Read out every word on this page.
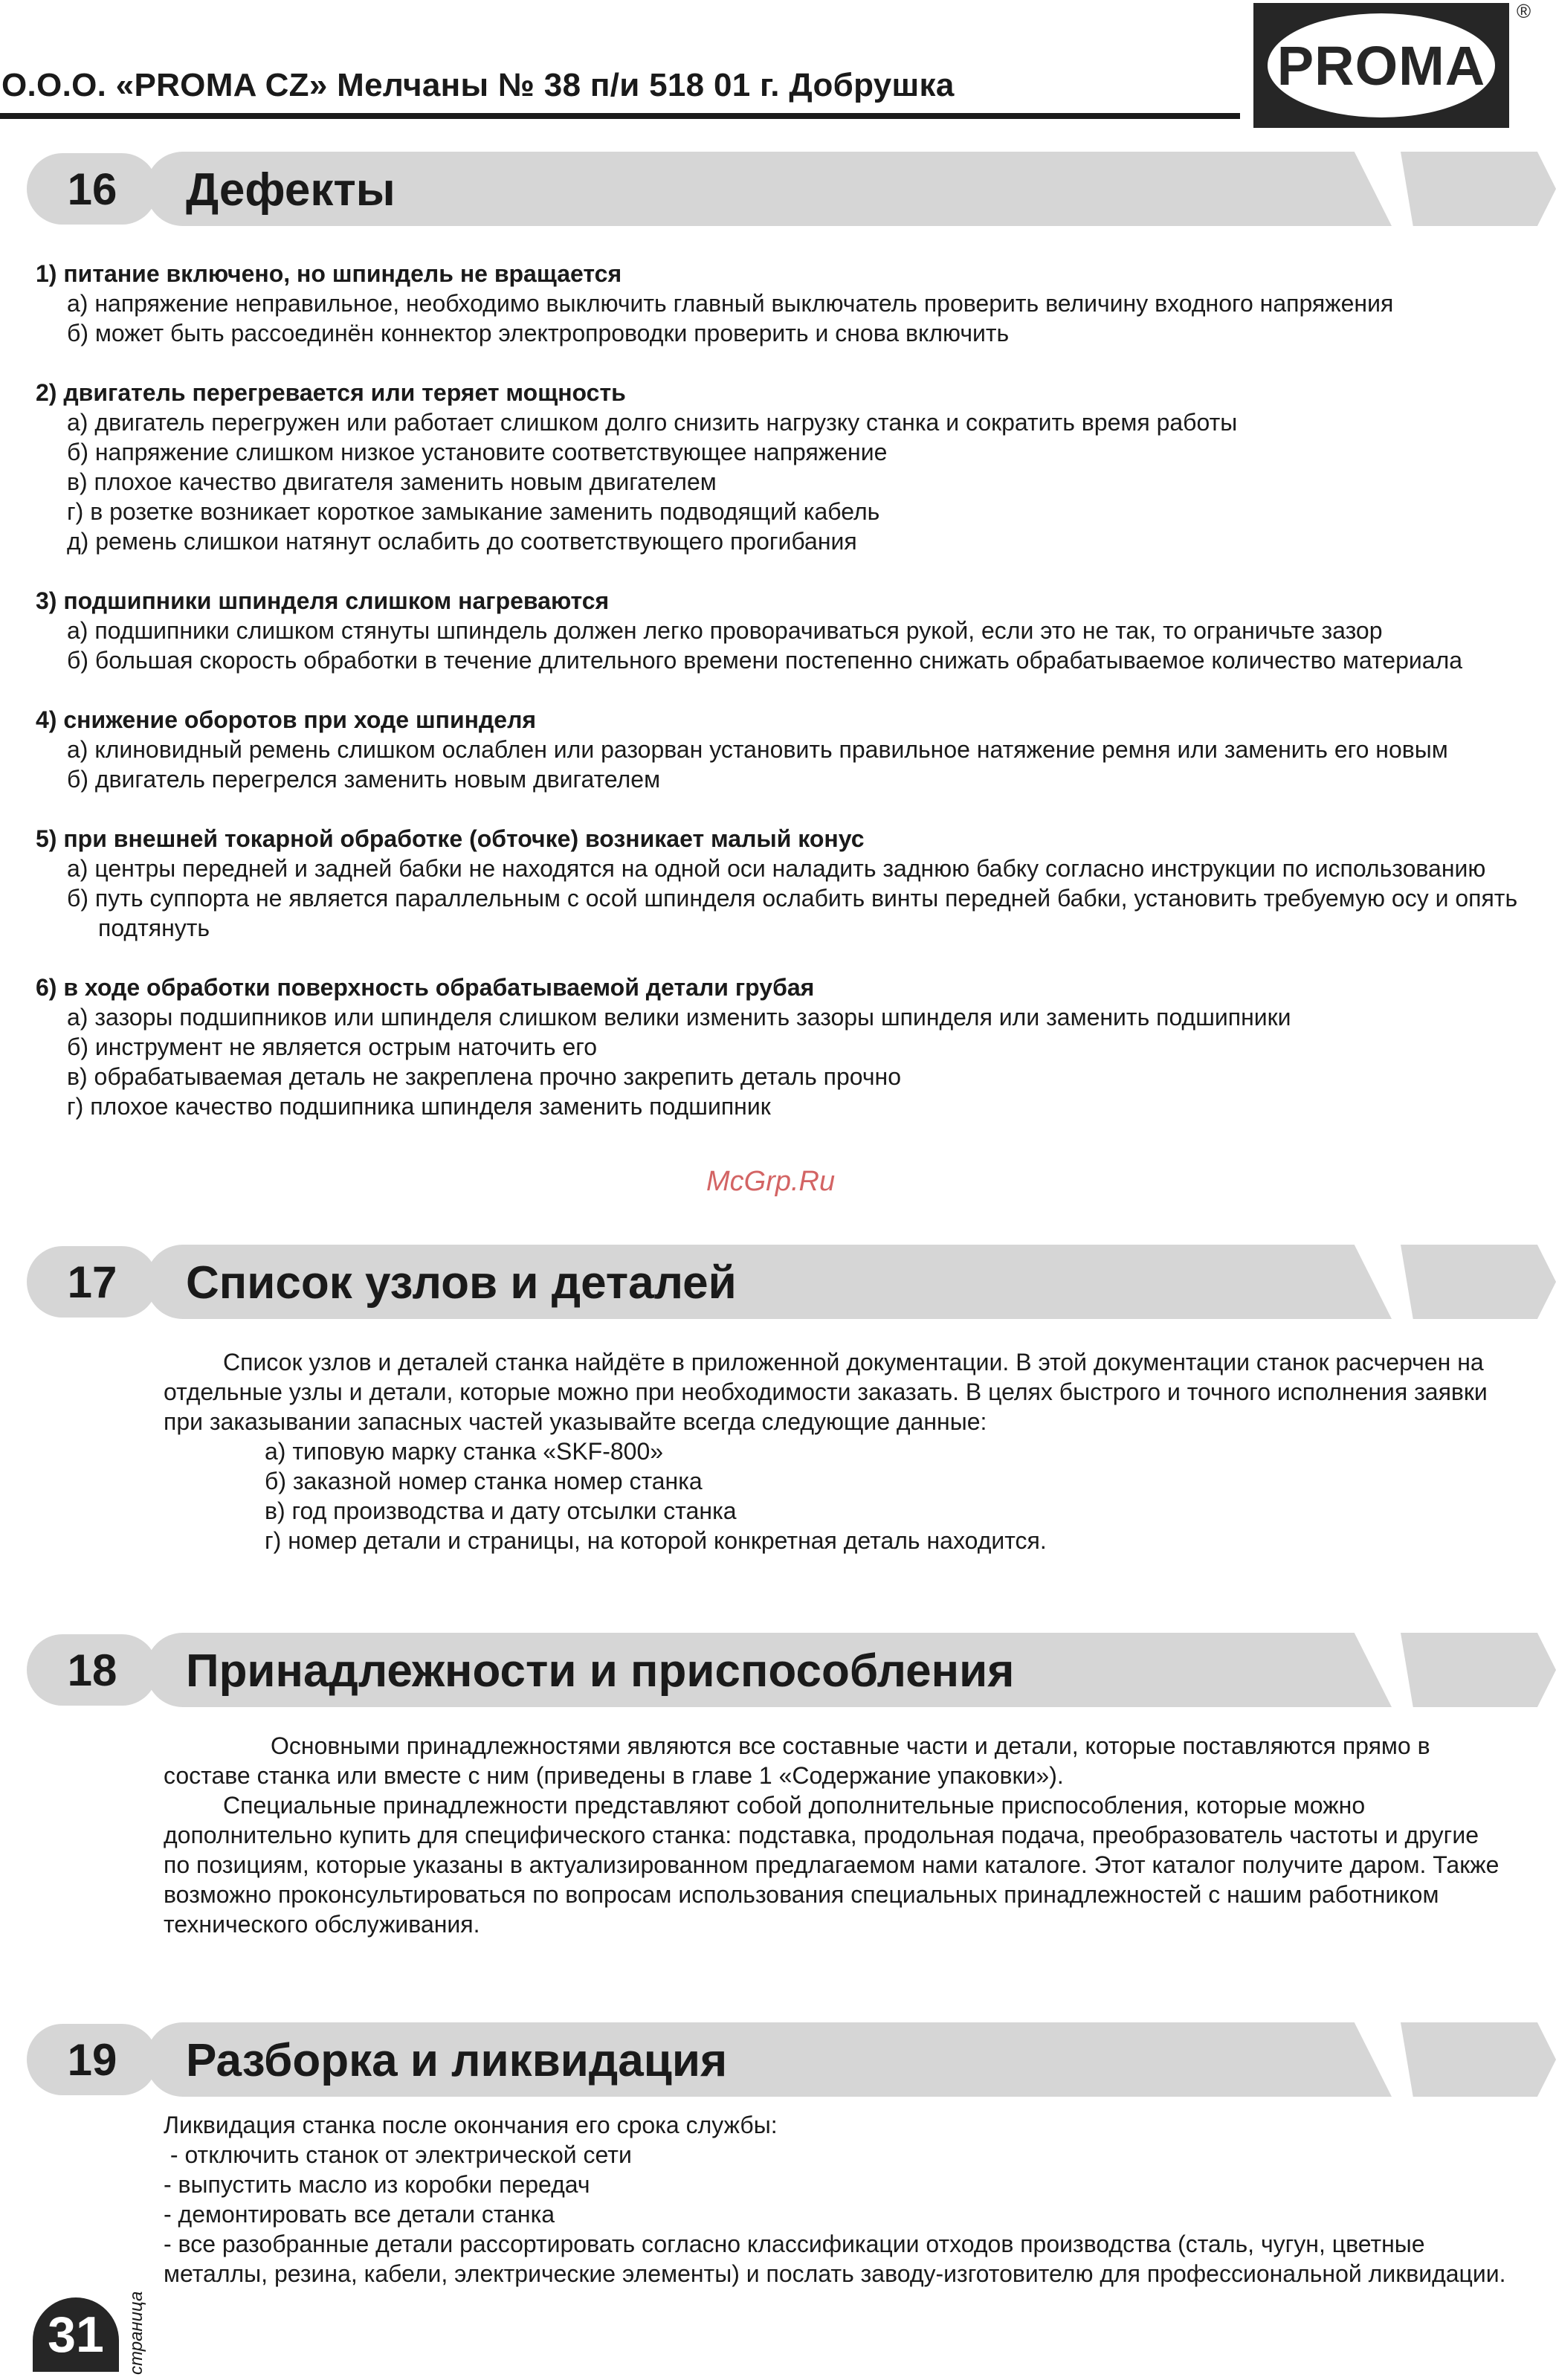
О.О.О. «PROMA CZ» Мелчаны № 38 п/и 518 01 г. Добрушка	PROMA
®
16	Дефекты
1) питание включено, но шпиндель не вращается
а) напряжение неправильное, необходимо выключить главный выключатель проверить величину входного напряжения
б) может быть рассоединён коннектор электропроводки проверить и снова включить
2) двигатель перегревается или теряет мощность
а) двигатель перегружен или работает слишком долго снизить нагрузку станка и сократить время работы
б) напряжение слишком низкое установите соответствующее напряжение
в) плохое качество двигателя заменить новым двигателем
г) в розетке возникает короткое замыкание заменить подводящий кабель
д) ремень слишкои натянут ослабить до соответствующего прогибания
3) подшипники шпинделя слишком нагреваются
а) подшипники слишком стянуты шпиндель должен легко проворачиваться рукой, если это не так, то ограничьте зазор
б) большая скорость обработки в течение длительного времени постепенно снижать обрабатываемое количество материала
4) снижение оборотов при ходе шпинделя
а) клиновидный ремень слишком ослаблен или разорван установить правильное натяжение ремня или заменить его новым
б) двигатель перегрелся заменить новым двигателем
5) при внешней токарной обработке (обточке) возникает малый конус
а) центры передней и задней бабки не находятся на одной оси наладить заднюю бабку согласно инструкции по использованию
б) путь суппорта не является параллельным с осой шпинделя ослабить винты передней бабки, установить требуемую осу и опять подтянуть
6) в ходе обработки поверхность обрабатываемой детали грубая
а) зазоры подшипников или шпинделя слишком велики изменить зазоры шпинделя или заменить подшипники
б) инструмент не является острым наточить его
в) обрабатываемая деталь не закреплена прочно закрепить деталь прочно
г) плохое качество подшипника шпинделя заменить подшипник
McGrp.Ru
17	Список узлов и деталей

Список узлов и деталей станка найдёте в приложенной документации. В этой документации станок расчерчен на отдельные узлы и детали, которые можно при необходимости заказать. В целях быстрого и точного исполнения заявки при заказывании запасных частей указывайте всегда следующие данные:

а) типовую марку станка «SKF-800»
б) заказной номер станка номер станка
в) год производства и дату отсылки станка
г) номер детали и страницы, на которой конкретная деталь находится.
18	Принадлежности и приспособления

Основными принадлежностями являются все составные части и детали, которые поставляются прямо в составе станка или вместе с ним (приведены в главе 1 «Содержание упаковки»).

Специальные принадлежности представляют собой дополнительные приспособления, которые можно дополнительно купить для специфического станка: подставка, продольная подача, преобразователь частоты и другие по позициям, которые указаны в актуализированном предлагаемом нами каталоге. Этот каталог получите даром. Также возможно проконсультироваться по вопросам использования специальных принадлежностей с нашим работником технического обслуживания.

19	Разборка и ликвидация
Ликвидация станка после окончания его срока службы:
- отключить станок от электрической сети
- выпустить масло из коробки передач
- демонтировать все детали станка
- все разобранные детали рассортировать согласно классификации отходов производства (сталь, чугун, цветные металлы, резина, кабели, электрические элементы) и послать заводу-изготовителю для профессиональной ликвидации.
31	страница
